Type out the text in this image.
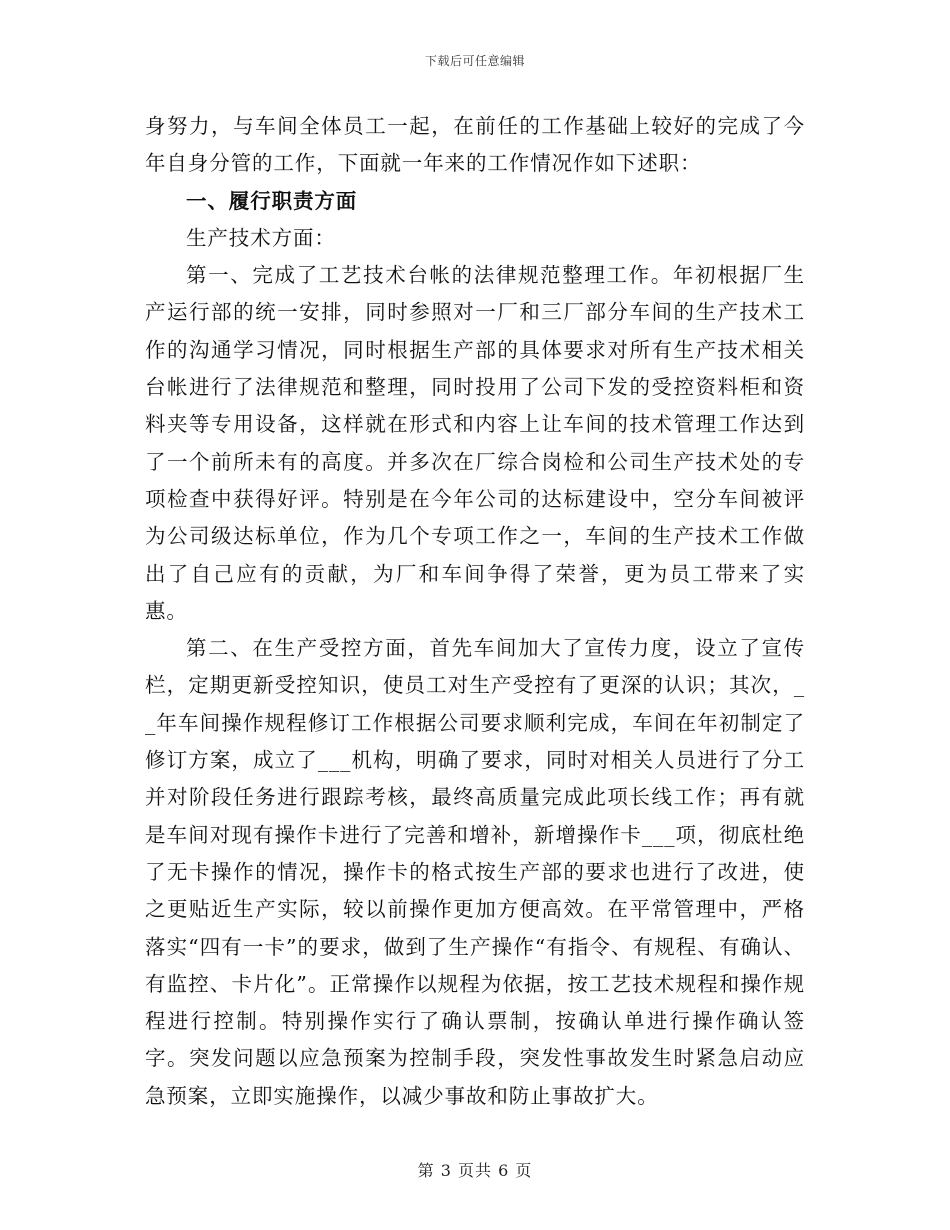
下载后可任意编辑

身努力，与车间全体员工一起，在前任的工作基础上较好的完成了今年自身分管的工作，下面就一年来的工作情况作如下述职：

一、履行职责方面

生产技术方面：

第一、完成了工艺技术台帐的法律规范整理工作。年初根据厂生产运行部的统一安排，同时参照对一厂和三厂部分车间的生产技术工作的沟通学习情况，同时根据生产部的具体要求对所有生产技术相关台帐进行了法律规范和整理，同时投用了公司下发的受控资料柜和资料夹等专用设备，这样就在形式和内容上让车间的技术管理工作达到了一个前所未有的高度。并多次在厂综合岗检和公司生产技术处的专项检查中获得好评。特别是在今年公司的达标建设中，空分车间被评为公司级达标单位，作为几个专项工作之一，车间的生产技术工作做出了自己应有的贡献，为厂和车间争得了荣誉，更为员工带来了实惠。

第二、在生产受控方面，首先车间加大了宣传力度，设立了宣传栏，定期更新受控知识，使员工对生产受控有了更深的认识；其次，__年车间操作规程修订工作根据公司要求顺利完成，车间在年初制定了修订方案，成立了___机构，明确了要求，同时对相关人员进行了分工并对阶段任务进行跟踪考核，最终高质量完成此项长线工作；再有就是车间对现有操作卡进行了完善和增补，新增操作卡___项，彻底杜绝了无卡操作的情况，操作卡的格式按生产部的要求也进行了改进，使之更贴近生产实际，较以前操作更加方便高效。在平常管理中，严格落实“四有一卡”的要求，做到了生产操作“有指令、有规程、有确认、有监控、卡片化”。正常操作以规程为依据，按工艺技术规程和操作规程进行控制。特别操作实行了确认票制，按确认单进行操作确认签字。突发问题以应急预案为控制手段，突发性事故发生时紧急启动应急预案，立即实施操作，以减少事故和防止事故扩大。

第 3 页共 6 页
